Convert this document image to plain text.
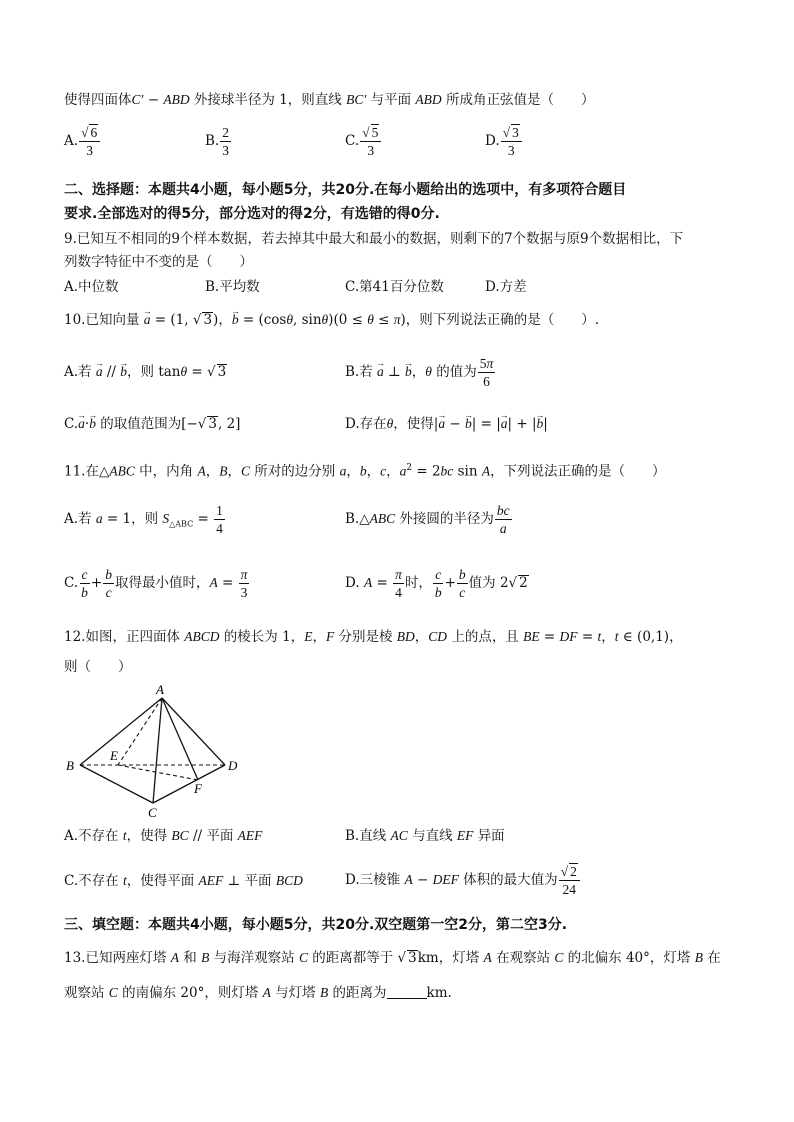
使得四面体C′ − ABD 外接球半径为 1，则直线 BC′ 与平面 ABD 所成角正弦值是（　　）
A. $\frac{√ 6}{3}$	B. $\frac{2}{3}$	C. $\frac{√ 5}{3}$	D. $\frac{√ 3}{3}$
二、选择题：本题共4小题，每小题5分，共20分.在每小题给出的选项中，有多项符合题目
要求.全部选对的得5分，部分选对的得2分，有选错的得0分.
9.已知互不相同的9个样本数据，若去掉其中最大和最小的数据，则剩下的7个数据与原9个数据相比，下
列数字特征中不变的是（　　）
A.中位数	B.平均数	C.第41百分位数	D.方差
10.已知向量 → a = (1, √ 3)，→ b = (cosθ, sinθ)(0 ≤ θ ≤ π)，则下列说法正确的是（　　）.
A.若 → a // → b，则 tanθ = √ 3	B.若 → a ⊥ → b，θ 的值为 $\frac{5\pi}{6}$
C.→ a·→ b 的取值范围为[−√ 3, 2]	D.存在θ，使得|→ a − → b| = |→ a| + |→ b|
11.在△ABC 中，内角 A，B，C 所对的边分别 a，b，c，$a^2 = 2bc$ sin A，下列说法正确的是（　　）
A.若 a = 1，则 $S_{\triangle ABC} = \frac{1}{4}$	B.△ABC 外接圆的半径为 $\frac{bc}{a}$
C. $\frac{c}{b} + \frac{b}{c}$ 取得最小值时，$A = \frac{\pi}{3}$	D. $A = \frac{\pi}{4}$ 时， $\frac{c}{b} + \frac{b}{c}$ 值为 2√ 2
12.如图，正四面体 ABCD 的棱长为 1，E，F 分别是棱 BD，CD 上的点，且 BE = DF = t，t ∈ (0,1)，
则（　　）
A
B
C
D
E
F
A.不存在 t，使得 BC // 平面 AEF	B.直线 AC 与直线 EF 异面
C.不存在 t，使得平面 AEF ⊥ 平面 BCD	D.三棱锥 A − DEF 体积的最大值为 $\frac{√ 2}{24}$
三、填空题：本题共4小题，每小题5分，共20分.双空题第一空2分，第二空3分.
13.已知两座灯塔 A 和 B 与海洋观察站 C 的距离都等于 √ 3km，灯塔 A 在观察站 C 的北偏东 40°，灯塔 B 在
观察站 C 的南偏东 20°，则灯塔 A 与灯塔 B 的距离为	km.
